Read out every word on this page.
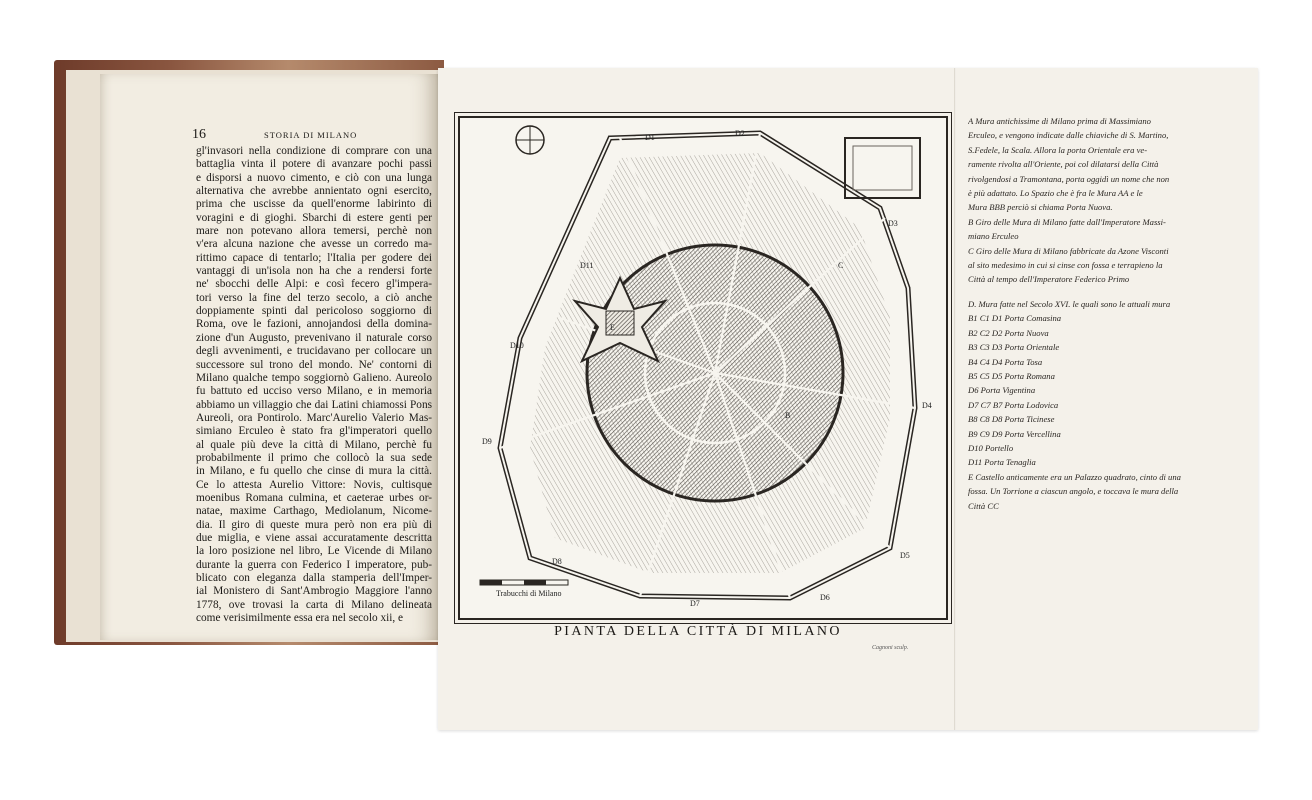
16	STORIA DI MILANO
gl'invasori nella condizione di comprare con una
battaglia vinta il potere di avanzare pochi passi
e disporsi a nuovo cimento, e ciò con una lunga
alternativa che avrebbe annientato ogni esercito,
prima che uscisse da quell'enorme labirinto di
voragini e di gioghi. Sbarchi di estere genti per
mare non potevano allora temersi, perchè non
v'era alcuna nazione che avesse un corredo ma-
rittimo capace di tentarlo; l'Italia per godere dei
vantaggi di un'isola non ha che a rendersi forte
ne' sbocchi delle Alpi: e così fecero gl'impera-
tori verso la fine del terzo secolo, a ciò anche
doppiamente spinti dal pericoloso soggiorno di
Roma, ove le fazioni, annojandosi della domina-
zione d'un Augusto, prevenivano il naturale corso
degli avvenimenti, e trucidavano per collocare un
successore sul trono del mondo. Ne' contorni di
Milano qualche tempo soggiornò Galieno. Aureolo
fu battuto ed ucciso verso Milano, e in memoria
abbiamo un villaggio che dai Latini chiamossi Pons
Aureoli, ora Pontirolo. Marc'Aurelio Valerio Mas-
simiano Erculeo è stato fra gl'imperatori quello
al quale più deve la città di Milano, perchè fu
probabilmente il primo che collocò la sua sede
in Milano, e fu quello che cinse di mura la città.
Ce lo attesta Aurelio Vittore: Novis, cultisque
moenibus Romana culmina, et caeterae urbes or-
natae, maxime Carthago, Mediolanum, Nicome-
dia. Il giro di queste mura però non era più di
due miglia, e viene assai accuratamente descritta
la loro posizione nel libro, Le Vicende di Milano
durante la guerra con Federico I imperatore, pub-
blicato con eleganza dalla stamperia dell'Imper-
ial Monistero di Sant'Ambrogio Maggiore l'anno
1778, ove trovasi la carta di Milano delineata
come verisimilmente essa era nel secolo xii, e
Trabucchi di Milano
D1	D2
D3
D4
D5
D6
D7
D8
D9
D10
D11
E
C
B
PIANTA DELLA CITTÀ DI MILANO
Cagnoni sculp.
A Mura antichissime di Milano prima di Massimiano
Erculeo, e vengono indicate dalle chiaviche di S. Martino,
S.Fedele, la Scala. Allora la porta Orientale era ve-
ramente rivolta all'Oriente, poi col dilatarsi della Città
rivolgendosi a Tramontana, porta oggidì un nome che non
è più adattato. Lo Spazio che è fra le Mura AA e le
Mura BBB perciò si chiama Porta Nuova.
B Giro delle Mura di Milano fatte dall'Imperatore Massi-
miano Erculeo
C Giro delle Mura di Milano fabbricate da Azone Visconti
al sito medesimo in cui si cinse con fossa e terrapieno la
Città al tempo dell'Imperatore Federico Primo
D. Mura fatte nel Secolo XVI. le quali sono le attuali mura
B1 C1 D1 Porta Comasina
B2 C2 D2 Porta Nuova
B3 C3 D3 Porta Orientale
B4 C4 D4 Porta Tosa
B5 C5 D5 Porta Romana
D6 Porta Vigentina
D7 C7 B7 Porta Lodovica
B8 C8 D8 Porta Ticinese
B9 C9 D9 Porta Vercellina
D10 Portello
D11 Porta Tenaglia
E Castello anticamente era un Palazzo quadrato, cinto di una
fossa. Un Torrione a ciascun angolo, e toccava le mura della
Città CC
